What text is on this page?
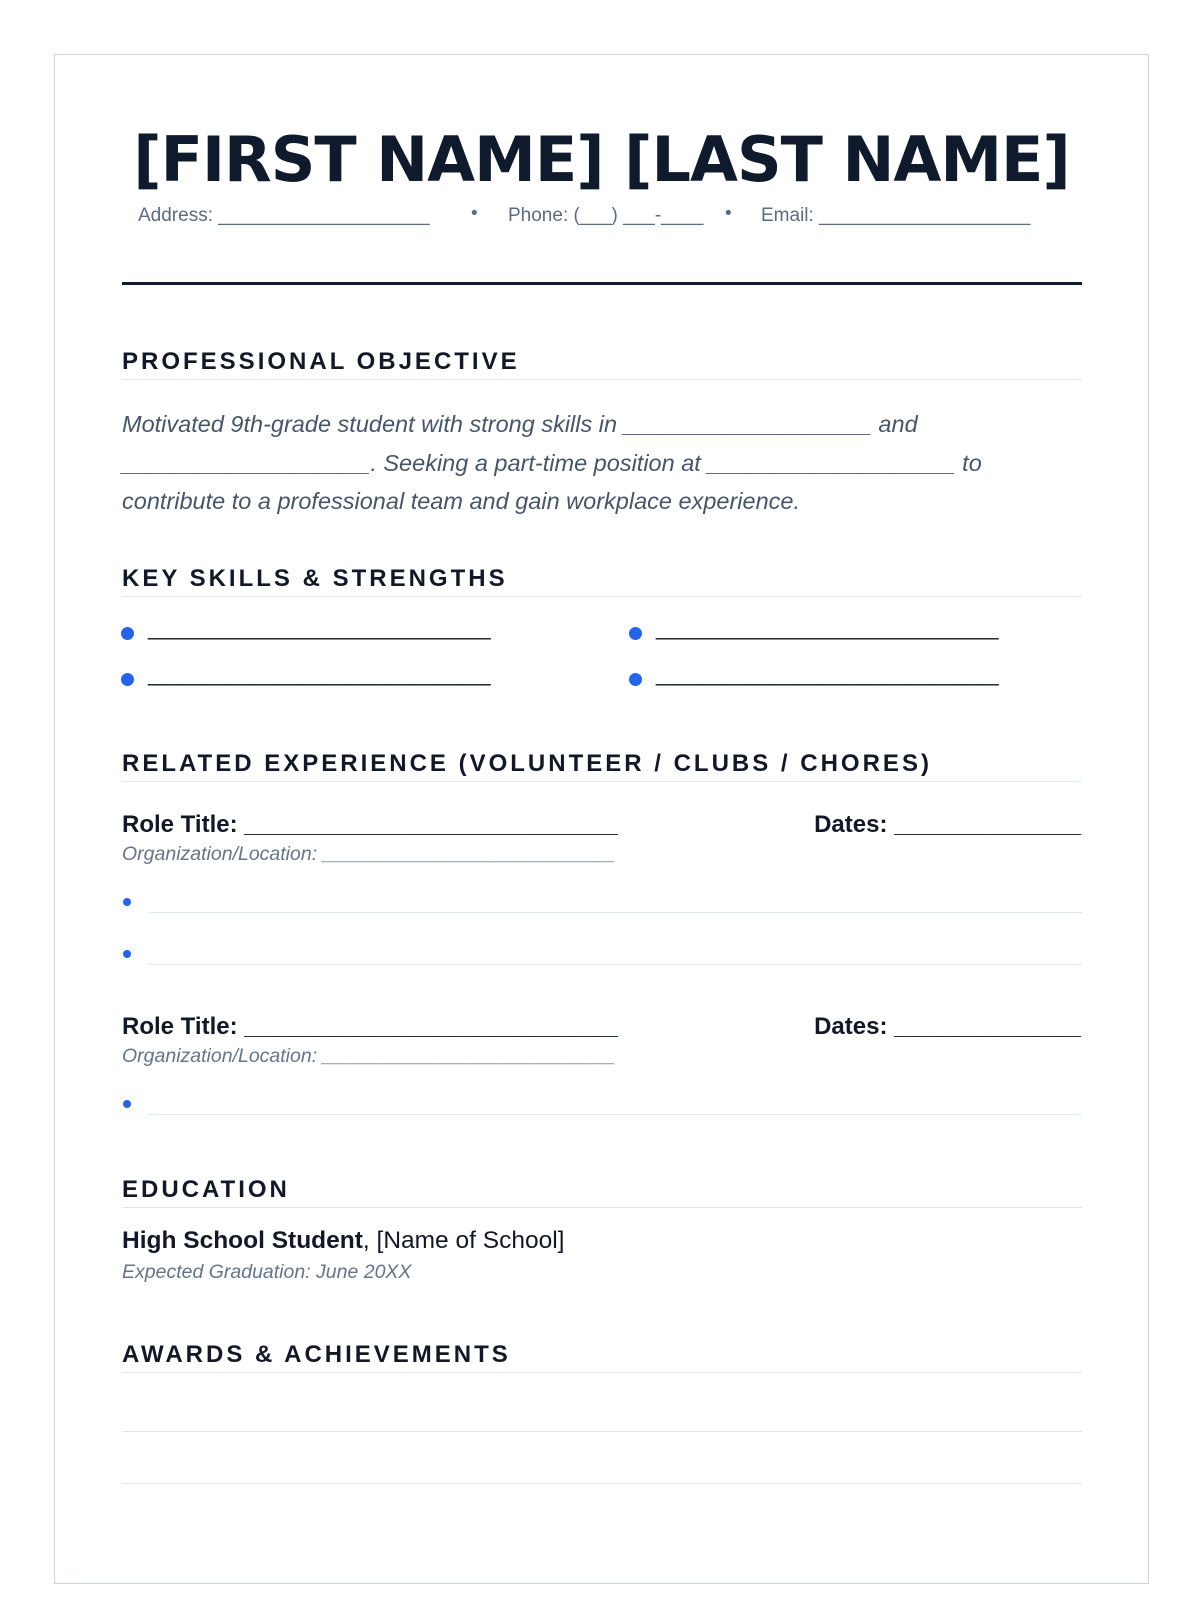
[FIRST NAME] [LAST NAME]
Address: ____________________ • Phone: (___) ___-____ • Email: ____________________
PROFESSIONAL OBJECTIVE
Motivated 9th-grade student with strong skills in ___________________ and ___________________. Seeking a part-time position at ___________________ to contribute to a professional team and gain workplace experience.
KEY SKILLS & STRENGTHS
____________________________	____________________________
____________________________	____________________________
RELATED EXPERIENCE (VOLUNTEER / CLUBS / CHORES)
Role Title: ____________________________	Dates: ______________
Organization/Location: ___________________________
Role Title: ____________________________	Dates: ______________
Organization/Location: ___________________________
EDUCATION
High School Student, [Name of School]
Expected Graduation: June 20XX
AWARDS & ACHIEVEMENTS
